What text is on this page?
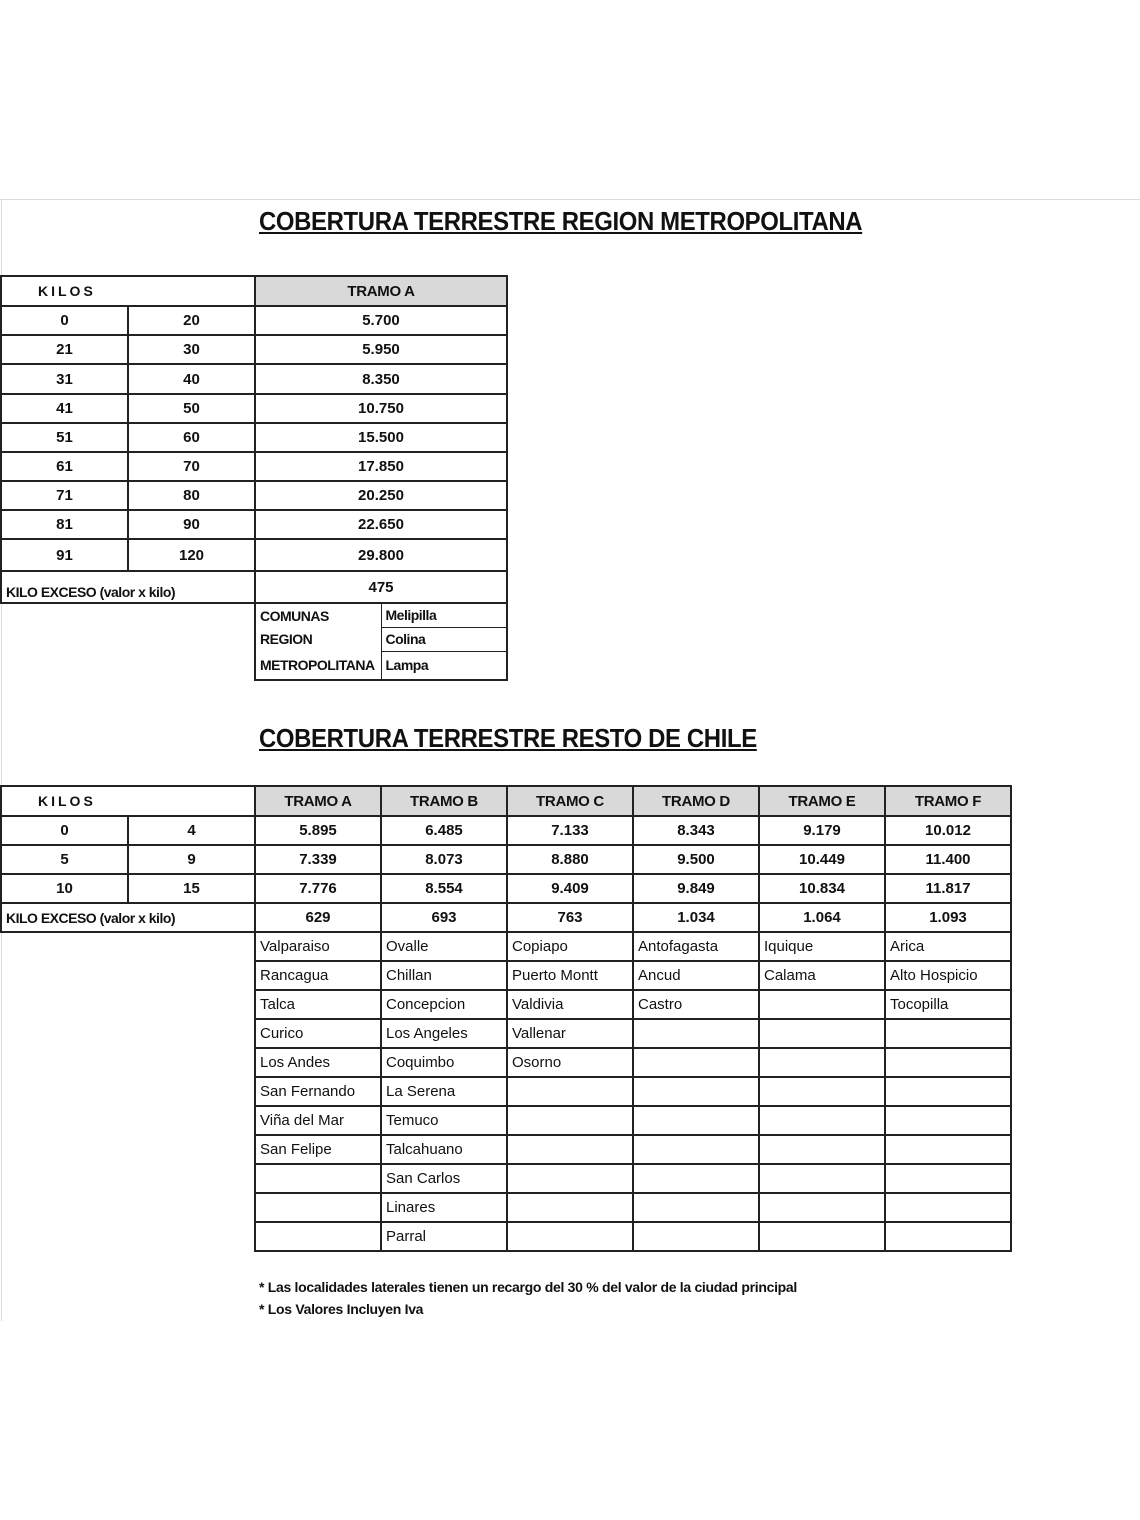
COBERTURA TERRESTRE REGION METROPOLITANA
KILOS		TRAMO A	
0	20	5.700	
21	30	5.950	
31	40	8.350	
41	50	10.750	
51	60	15.500	
61	70	17.850	
71	80	20.250	
81	90	22.650	
91	120	29.800	
KILO EXCESO (valor x kilo)		475	
		COMUNAS	Melipilla
		REGION	Colina
		METROPOLITANA	Lampa
COBERTURA TERRESTRE RESTO DE CHILE
KILOS		TRAMO A	TRAMO B	TRAMO C	TRAMO D	TRAMO E	TRAMO F
0	4	5.895	6.485	7.133	8.343	9.179	10.012
5	9	7.339	8.073	8.880	9.500	10.449	11.400
10	15	7.776	8.554	9.409	9.849	10.834	11.817
KILO EXCESO (valor x kilo)		629	693	763	1.034	1.064	1.093
		Valparaiso	Ovalle	Copiapo	Antofagasta	Iquique	Arica
		Rancagua	Chillan	Puerto Montt	Ancud	Calama	Alto Hospicio
		Talca	Concepcion	Valdivia	Castro		Tocopilla
		Curico	Los Angeles	Vallenar			
		Los Andes	Coquimbo	Osorno			
		San Fernando	La Serena				
		Viña del Mar	Temuco				
		San Felipe	Talcahuano				
			San Carlos				
			Linares				
			Parral				
* Las localidades laterales tienen un recargo del 30 % del valor de la ciudad principal
* Los Valores Incluyen Iva
